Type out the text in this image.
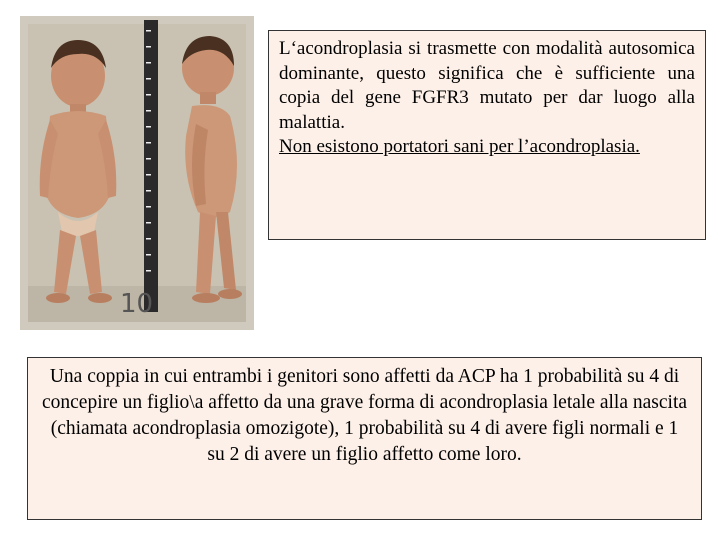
10
L‘acondroplasia si trasmette con modalità autosomica dominante, questo significa che è sufficiente una copia del gene FGFR3 mutato per dar luogo alla malattia.
Non esistono portatori sani per l’acondroplasia.
Una coppia in cui entrambi i genitori sono affetti da ACP ha 1 probabilità su 4 di concepire un figlio\a affetto da una grave forma di acondroplasia letale alla nascita (chiamata acondroplasia omozigote), 1 probabilità su 4 di avere figli normali e 1 su 2 di avere un figlio affetto come loro.
